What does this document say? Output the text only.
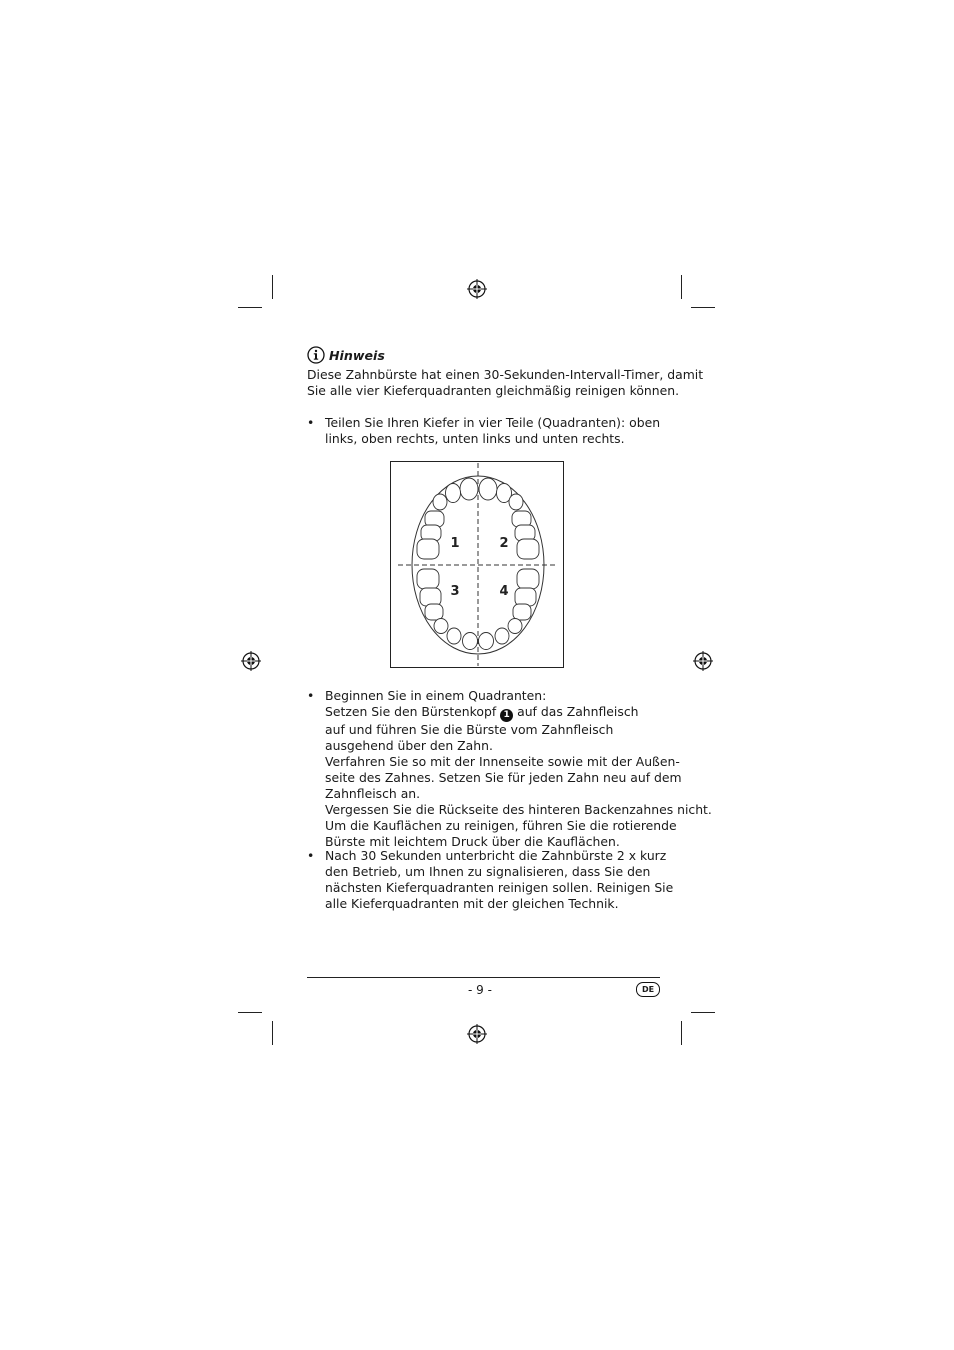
Hinweis
Diese Zahnbürste hat einen 30-Sekunden-Intervall-Timer, damit
Sie alle vier Kieferquadranten gleichmäßig reinigen können.
• Teilen Sie Ihren Kiefer in vier Teile (Quadranten): oben
links, oben rechts, unten links und unten rechts.
1	2
3	4
• Beginnen Sie in einem Quadranten:
Setzen Sie den Bürstenkopf 1 auf das Zahnfleisch
auf und führen Sie die Bürste vom Zahnfleisch
ausgehend über den Zahn.
Verfahren Sie so mit der Innenseite sowie mit der Außen-
seite des Zahnes. Setzen Sie für jeden Zahn neu auf dem
Zahnfleisch an.
Vergessen Sie die Rückseite des hinteren Backenzahnes nicht.
Um die Kauflächen zu reinigen, führen Sie die rotierende
Bürste mit leichtem Druck über die Kauflächen.
• Nach 30 Sekunden unterbricht die Zahnbürste 2 x kurz
den Betrieb, um Ihnen zu signalisieren, dass Sie den
nächsten Kieferquadranten reinigen sollen. Reinigen Sie
alle Kieferquadranten mit der gleichen Technik.
- 9 -	DE
